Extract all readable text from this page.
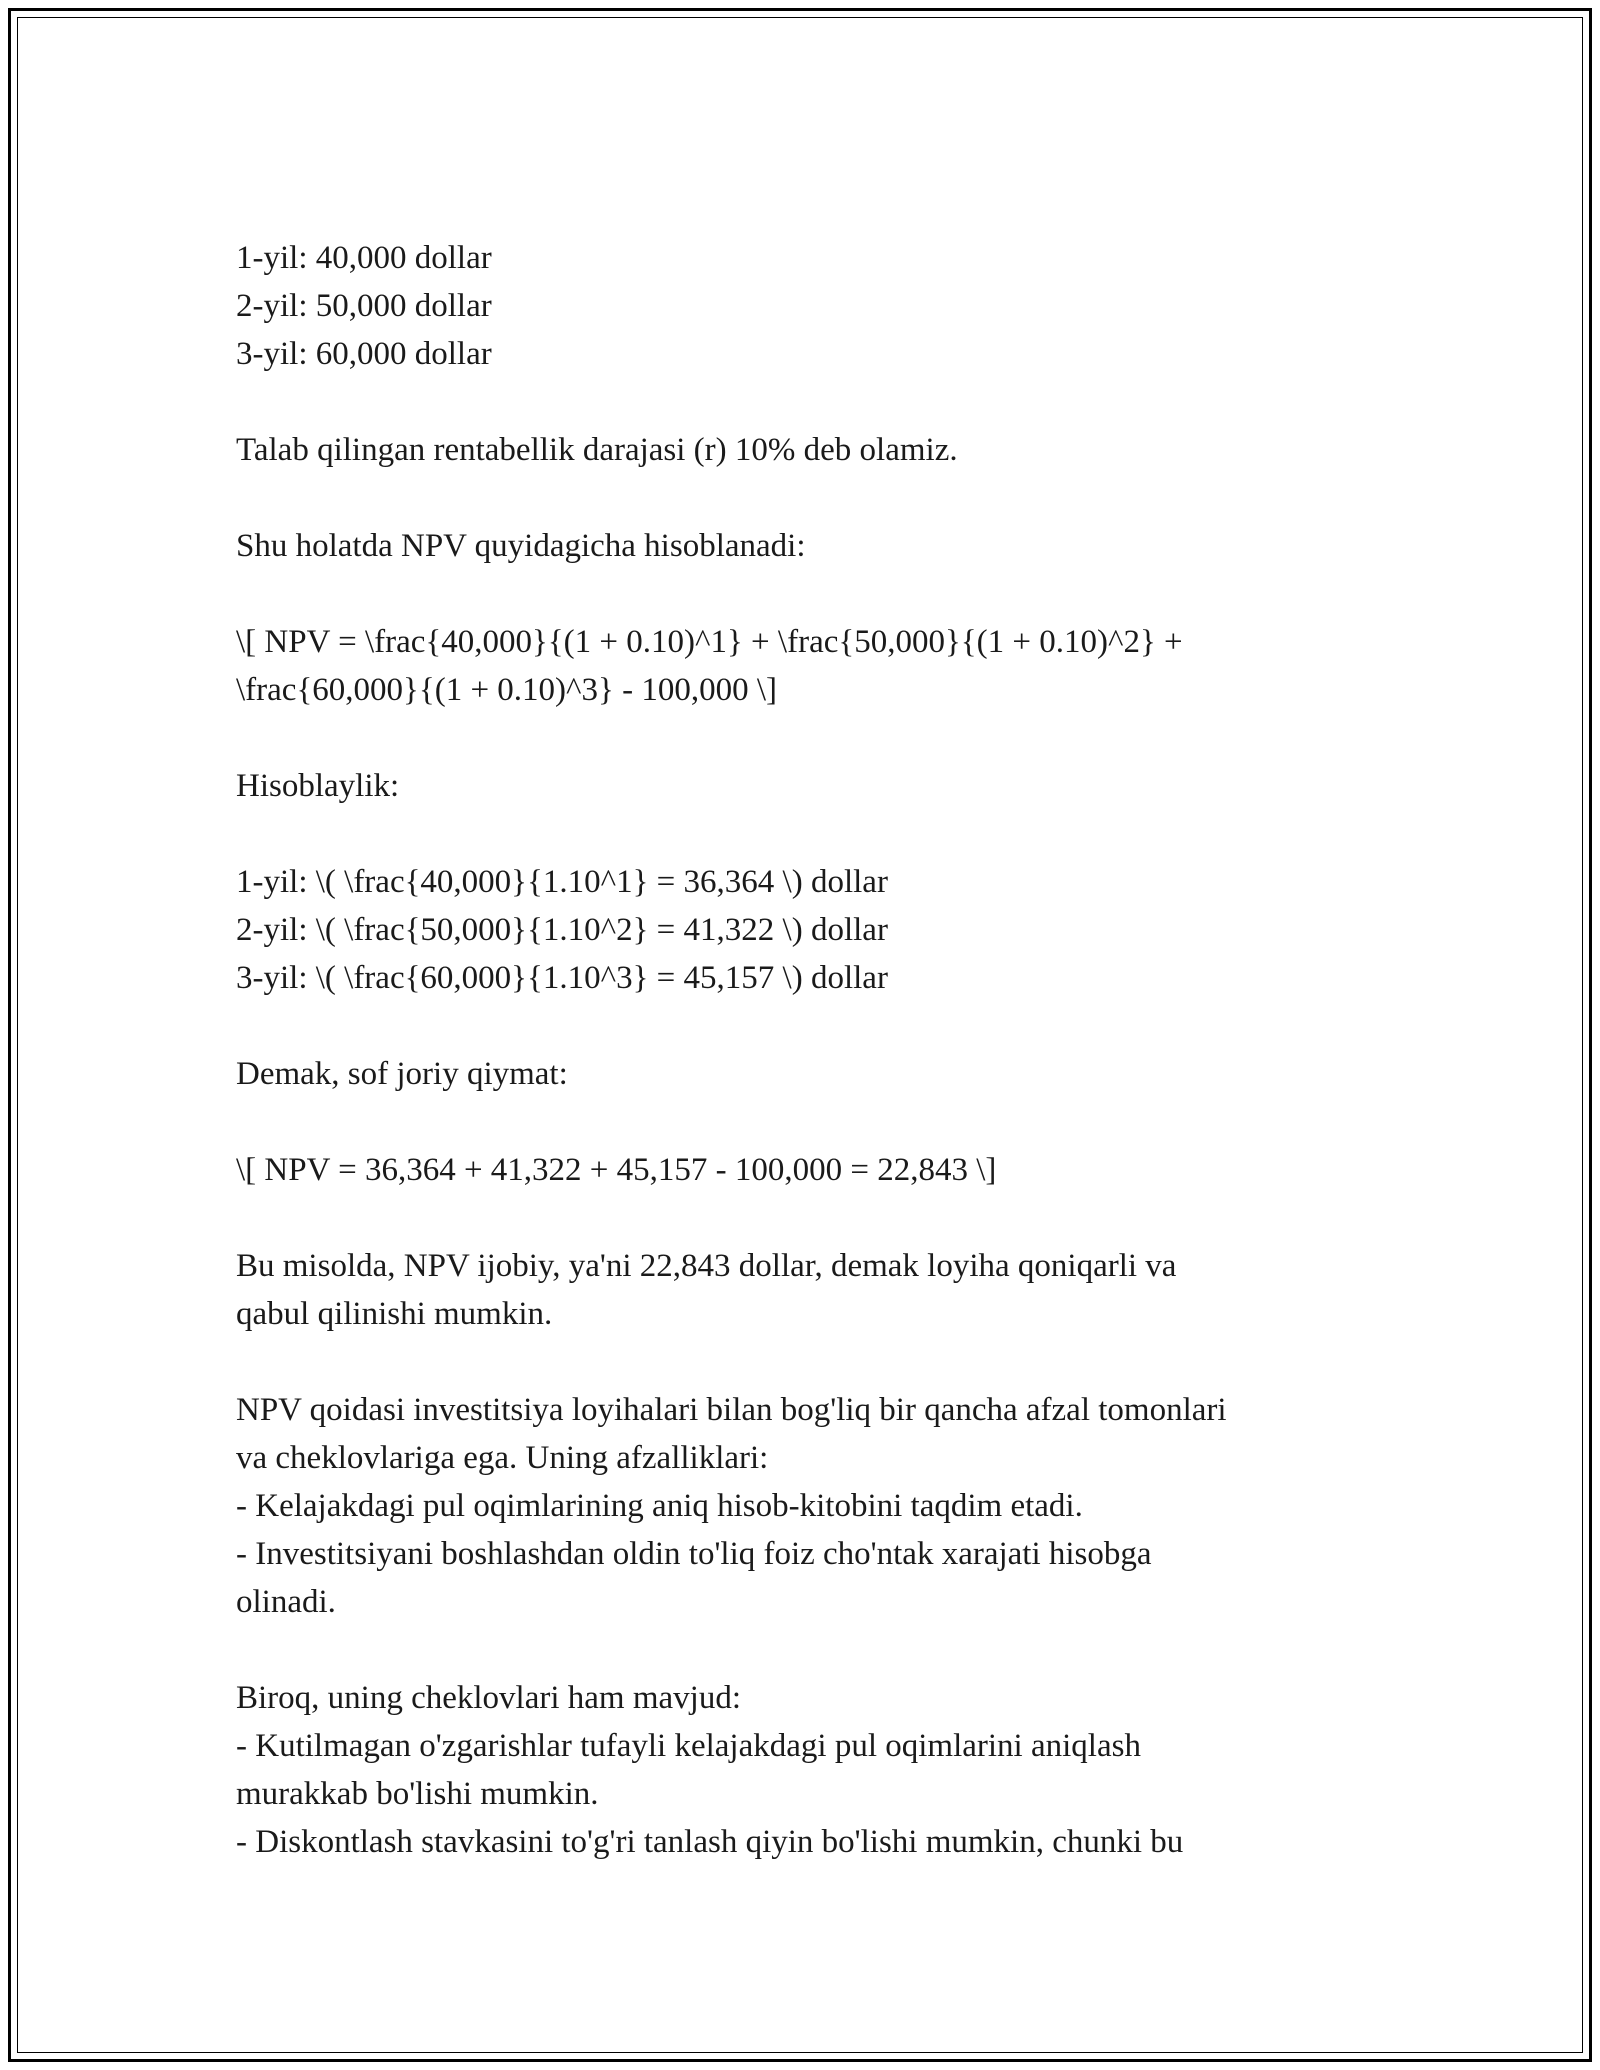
1-yil: 40,000 dollar
2-yil: 50,000 dollar
3-yil: 60,000 dollar
Talab qilingan rentabellik darajasi (r) 10% deb olamiz.
Shu holatda NPV quyidagicha hisoblanadi:
\[ NPV = \frac{40,000}{(1 + 0.10)^1} + \frac{50,000}{(1 + 0.10)^2} +
\frac{60,000}{(1 + 0.10)^3} - 100,000 \]
Hisoblaylik:
1-yil: \( \frac{40,000}{1.10^1} = 36,364 \) dollar
2-yil: \( \frac{50,000}{1.10^2} = 41,322 \) dollar
3-yil: \( \frac{60,000}{1.10^3} = 45,157 \) dollar
Demak, sof joriy qiymat:
\[ NPV = 36,364 + 41,322 + 45,157 - 100,000 = 22,843 \]
Bu misolda, NPV ijobiy, ya'ni 22,843 dollar, demak loyiha qoniqarli va
qabul qilinishi mumkin.
NPV qoidasi investitsiya loyihalari bilan bog'liq bir qancha afzal tomonlari
va cheklovlariga ega. Uning afzalliklari:
- Kelajakdagi pul oqimlarining aniq hisob-kitobini taqdim etadi.
- Investitsiyani boshlashdan oldin to'liq foiz cho'ntak xarajati hisobga
olinadi.
Biroq, uning cheklovlari ham mavjud:
- Kutilmagan o'zgarishlar tufayli kelajakdagi pul oqimlarini aniqlash
murakkab bo'lishi mumkin.
- Diskontlash stavkasini to'g'ri tanlash qiyin bo'lishi mumkin, chunki bu
